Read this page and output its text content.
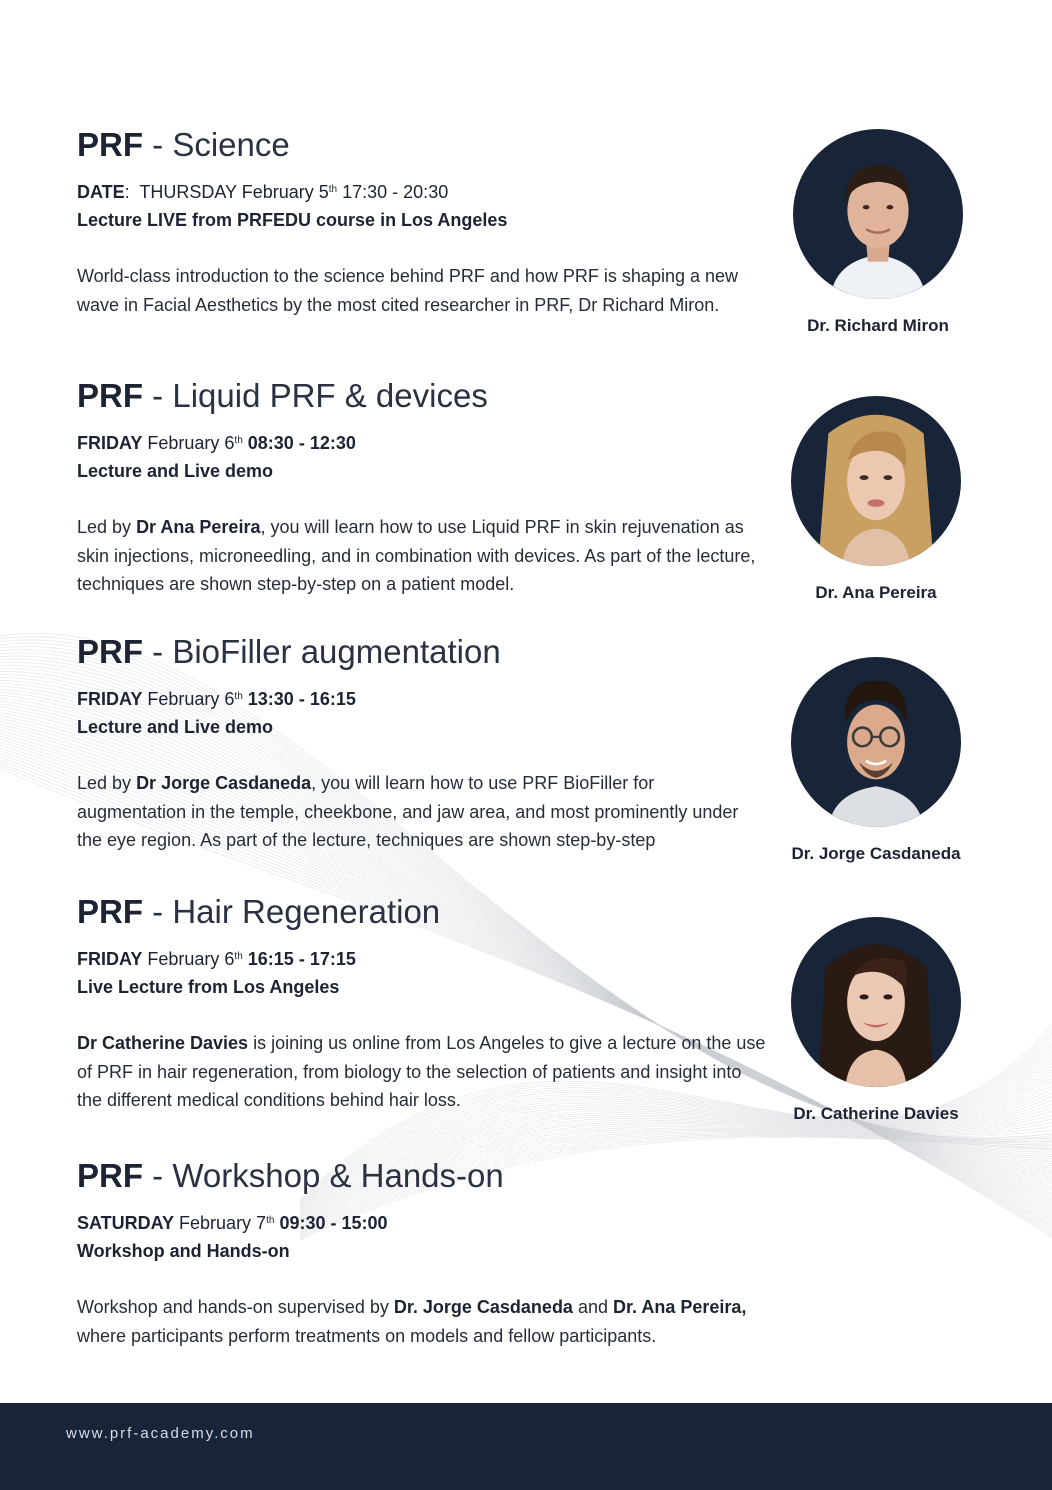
PRF - Science

DATE: THURSDAY February 5th 17:30 - 20:30

Lecture LIVE from PRFEDU course in Los Angeles

World-class introduction to the science behind PRF and how PRF is shaping a new wave in Facial Aesthetics by the most cited researcher in PRF, Dr Richard Miron.

PRF - Liquid PRF & devices

FRIDAY February 6th 08:30 - 12:30

Lecture and Live demo

Led by Dr Ana Pereira, you will learn how to use Liquid PRF in skin rejuvenation as skin injections, microneedling, and in combination with devices. As part of the lecture, techniques are shown step-by-step on a patient model.

PRF - BioFiller augmentation

FRIDAY February 6th 13:30 - 16:15

Lecture and Live demo

Led by Dr Jorge Casdaneda, you will learn how to use PRF BioFiller for augmentation in the temple, cheekbone, and jaw area, and most prominently under the eye region. As part of the lecture, techniques are shown step-by-step

PRF - Hair Regeneration

FRIDAY February 6th 16:15 - 17:15

Live Lecture from Los Angeles

Dr Catherine Davies is joining us online from Los Angeles to give a lecture on the use of PRF in hair regeneration, from biology to the selection of patients and insight into the different medical conditions behind hair loss.

PRF - Workshop & Hands-on

SATURDAY February 7th 09:30 - 15:00

Workshop and Hands-on

Workshop and hands-on supervised by Dr. Jorge Casdaneda and Dr. Ana Pereira, where participants perform treatments on models and fellow participants.

Dr. Richard Miron
Dr. Ana Pereira
Dr. Jorge Casdaneda
Dr. Catherine Davies
www.prf-academy.com
